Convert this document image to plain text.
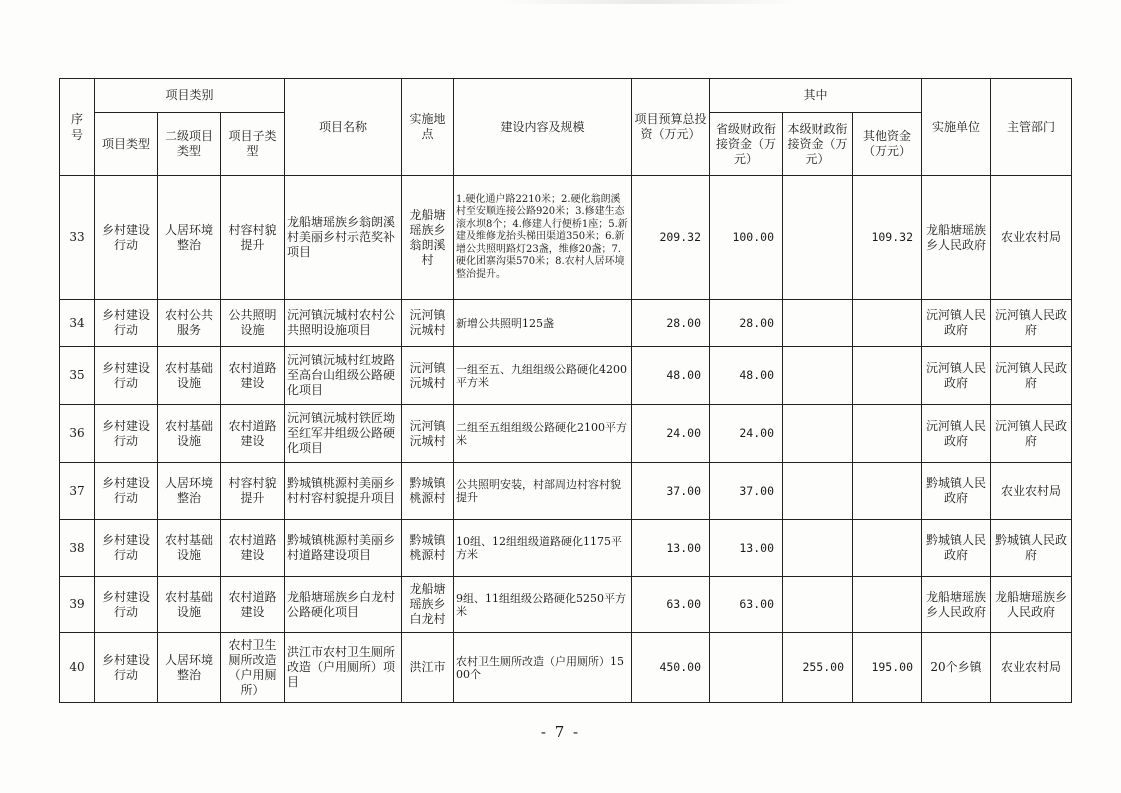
序号	项目类别			项目名称	实施地点	建设内容及规模	项目预算总投资（万元）	其中			实施单位	主管部门
	项目类型	二级项目类型	项目子类型					省级财政衔接资金（万元）	本级财政衔接资金（万元）	其他资金（万元）		
33	乡村建设行动	人居环境整治	村容村貌提升	龙船塘瑶族乡翁朗溪村美丽乡村示范奖补项目	龙船塘瑶族乡翁朗溪村	1.硬化通户路2210米；2.硬化翁朗溪村至安顺连接公路920米；3.修建生态滚水坝8个；4.修建人行便桥1座；5.新建及维修龙抬头梯田渠道350米；6.新增公共照明路灯23盏，维修20盏；7.硬化团寨沟渠570米；8.农村人居环境整治提升。	209.32	100.00		109.32	龙船塘瑶族乡人民政府	农业农村局
34	乡村建设行动	农村公共服务	公共照明设施	沅河镇沅城村农村公共照明设施项目	沅河镇沅城村	新增公共照明125盏	28.00	28.00			沅河镇人民政府	沅河镇人民政府
35	乡村建设行动	农村基础设施	农村道路建设	沅河镇沅城村红坡路至高台山组级公路硬化项目	沅河镇沅城村	一组至五、九组组级公路硬化4200平方米	48.00	48.00			沅河镇人民政府	沅河镇人民政府
36	乡村建设行动	农村基础设施	农村道路建设	沅河镇沅城村铁匠坳至红军井组级公路硬化项目	沅河镇沅城村	二组至五组组级公路硬化2100平方米	24.00	24.00			沅河镇人民政府	沅河镇人民政府
37	乡村建设行动	人居环境整治	村容村貌提升	黔城镇桃源村美丽乡村村容村貌提升项目	黔城镇桃源村	公共照明安装，村部周边村容村貌提升	37.00	37.00			黔城镇人民政府	农业农村局
38	乡村建设行动	农村基础设施	农村道路建设	黔城镇桃源村美丽乡村道路建设项目	黔城镇桃源村	10组、12组组级道路硬化1175平方米	13.00	13.00			黔城镇人民政府	黔城镇人民政府
39	乡村建设行动	农村基础设施	农村道路建设	龙船塘瑶族乡白龙村公路硬化项目	龙船塘瑶族乡白龙村	9组、11组组级公路硬化5250平方米	63.00	63.00			龙船塘瑶族乡人民政府	龙船塘瑶族乡人民政府
40	乡村建设行动	人居环境整治	农村卫生厕所改造（户用厕所）	洪江市农村卫生厕所改造（户用厕所）项目	洪江市	农村卫生厕所改造（户用厕所）1500个	450.00		255.00	195.00	20个乡镇	农业农村局
- 7 -
